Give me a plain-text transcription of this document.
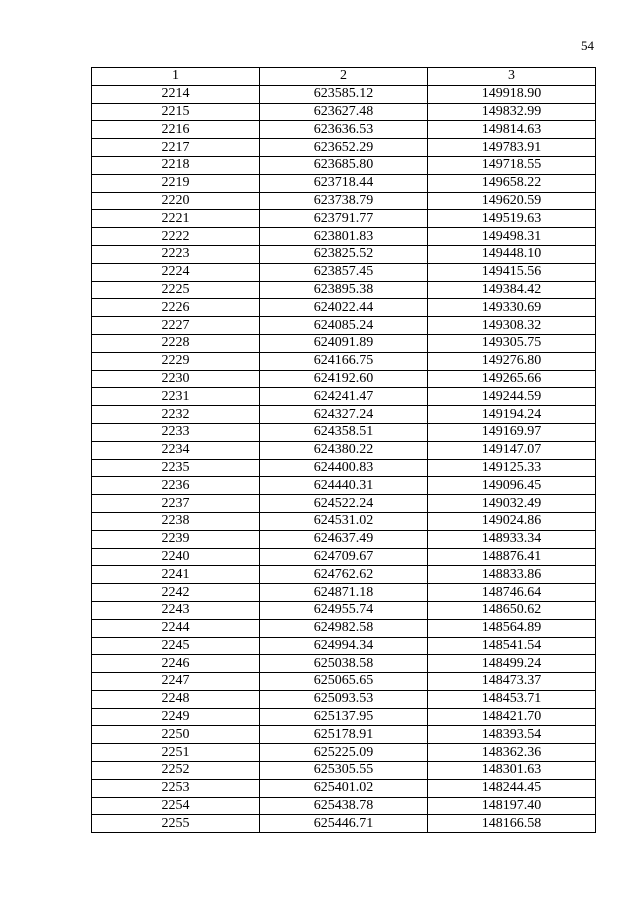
54
1	2	3
2214	623585.12	149918.90
2215	623627.48	149832.99
2216	623636.53	149814.63
2217	623652.29	149783.91
2218	623685.80	149718.55
2219	623718.44	149658.22
2220	623738.79	149620.59
2221	623791.77	149519.63
2222	623801.83	149498.31
2223	623825.52	149448.10
2224	623857.45	149415.56
2225	623895.38	149384.42
2226	624022.44	149330.69
2227	624085.24	149308.32
2228	624091.89	149305.75
2229	624166.75	149276.80
2230	624192.60	149265.66
2231	624241.47	149244.59
2232	624327.24	149194.24
2233	624358.51	149169.97
2234	624380.22	149147.07
2235	624400.83	149125.33
2236	624440.31	149096.45
2237	624522.24	149032.49
2238	624531.02	149024.86
2239	624637.49	148933.34
2240	624709.67	148876.41
2241	624762.62	148833.86
2242	624871.18	148746.64
2243	624955.74	148650.62
2244	624982.58	148564.89
2245	624994.34	148541.54
2246	625038.58	148499.24
2247	625065.65	148473.37
2248	625093.53	148453.71
2249	625137.95	148421.70
2250	625178.91	148393.54
2251	625225.09	148362.36
2252	625305.55	148301.63
2253	625401.02	148244.45
2254	625438.78	148197.40
2255	625446.71	148166.58
